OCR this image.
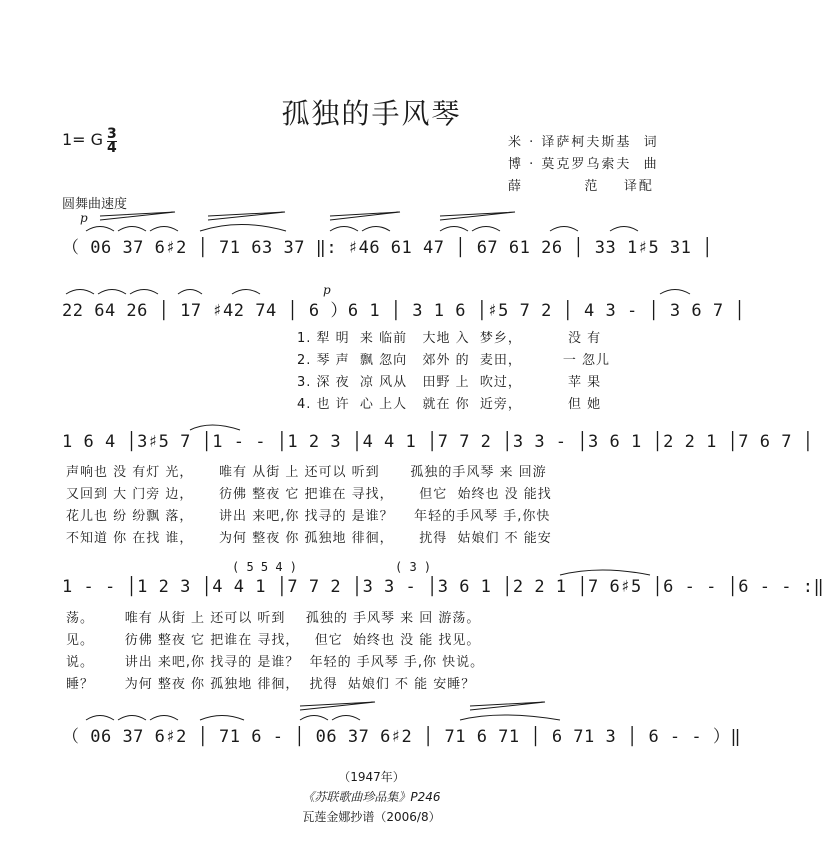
孤独的手风琴
1= G $\frac{3}{4}$	米 · 译萨柯夫斯基  词
博 · 莫克罗乌索夫  曲
薛          范    译配
圆舞曲速度
p
p
（ 06 37 6♯2 │ 71 63 37 ‖: ♯46 61 47 │ 67 61 26 │ 33 1♯5 31 │
22 64 26 │ 17 ♯42 74 │ 6 ）6 1 │ 3 1 6 │♯5 7 2 │ 4 3 - │ 3 6 7 │
1. 犁 明  来 临前   大地 入  梦乡，         没 有
2. 琴 声  飘 忽向   郊外 的  麦田，        一 忽儿
3. 深 夜  凉 风从   田野 上  吹过，         苹 果
4. 也 许  心 上人   就在 你  近旁，         但 她
1 6 4 │3♯5 7 │1 - - │1 2 3 │4 4 1 │7 7 2 │3 3 - │3 6 1 │2 2 1 │7 6 7 │
声响也 没 有灯 光，     唯有 从街 上 还可以 听到      孤独的手风琴 来 回游
又回到 大 门旁 边，     彷佛 整夜 它 把谁在 寻找，     但它  始终也 没 能找
花儿也 纷 纷飘 落，     讲出 来吧,你 找寻的 是谁？    年轻的手风琴 手,你快
不知道 你 在找 谁，     为何 整夜 你 孤独地 徘徊，     扰得  姑娘们 不 能安
( 5 5 4 )	( 3 )
1 - - │1 2 3 │4 4 1 │7 7 2 │3 3 - │3 6 1 │2 2 1 │7 6♯5 │6 - - │6 - - :‖
荡。      唯有 从街 上 还可以 听到    孤独的 手风琴 来 回 游荡。
见。      彷佛 整夜 它 把谁在 寻找，   但它  始终也 没 能 找见。
说。      讲出 来吧,你 找寻的 是谁？  年轻的 手风琴 手,你 快说。
睡？      为何 整夜 你 孤独地 徘徊，  扰得  姑娘们 不 能 安睡？
（ 06 37 6♯2 │ 71 6 - │ 06 37 6♯2 │ 71 6 71 │ 6 71 3 │ 6 - - ）‖
（1947年）
《苏联歌曲珍品集》P246
瓦莲金娜抄谱（2006/8）
